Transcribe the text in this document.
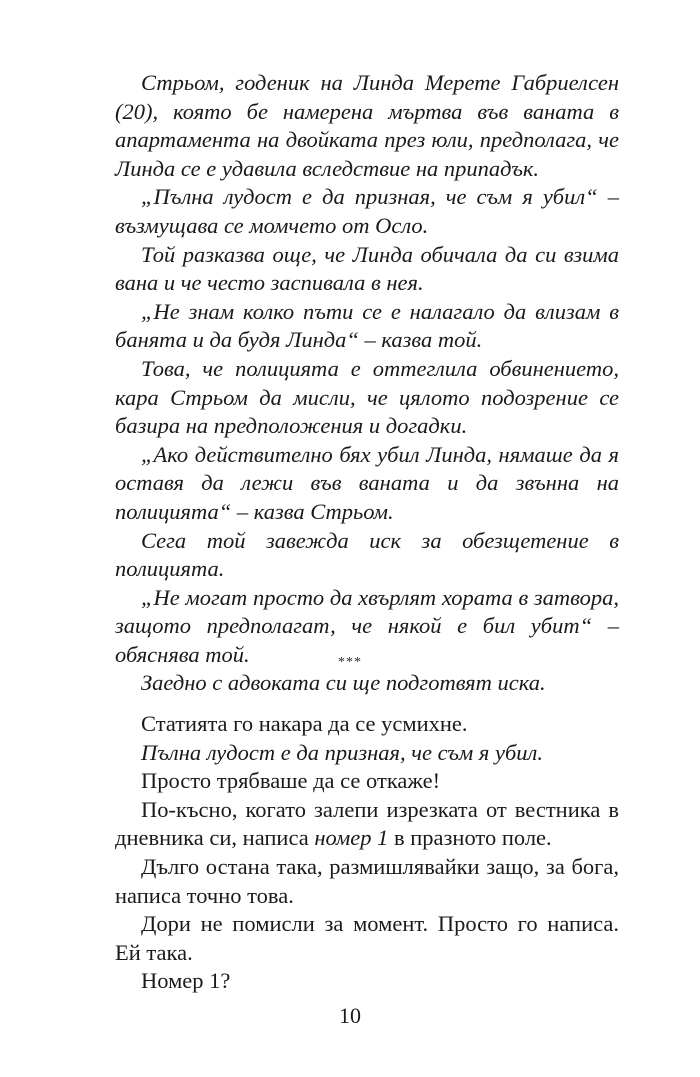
Стрьом, годеник на Линда Мерете Габриелсен (20), която бе намерена мъртва във ваната в апартамента на двойката през юли, предполага, че Линда се е удавила вследствие на припадък.

„Пълна лудост е да призная, че съм я убил“ – възмущава се момчето от Осло.

Той разказва още, че Линда обичала да си взима вана и че често заспивала в нея.

„Не знам колко пъти се е налагало да влизам в банята и да будя Линда“ – казва той.

Това, че полицията е оттеглила обвинението, кара Стрьом да мисли, че цялото подозрение се базира на предположения и догадки.

„Ако действително бях убил Линда, нямаше да я оставя да лежи във ваната и да звънна на полицията“ – казва Стрьом.

Сега той завежда иск за обезщетение в полицията.

„Не могат просто да хвърлят хората в затвора, защото предполагат, че някой е бил убит“ – обяснява той.

Заедно с адвоката си ще подготвят иска.

***

Статията го накара да се усмихне.

Пълна лудост е да призная, че съм я убил.

Просто трябваше да се откаже!

По-късно, когато залепи изрезката от вестника в дневника си, написа номер 1 в празното поле.

Дълго остана така, размишлявайки защо, за бога, написа точно това.

Дори не помисли за момент. Просто го написа. Ей така.

Номер 1?

10
